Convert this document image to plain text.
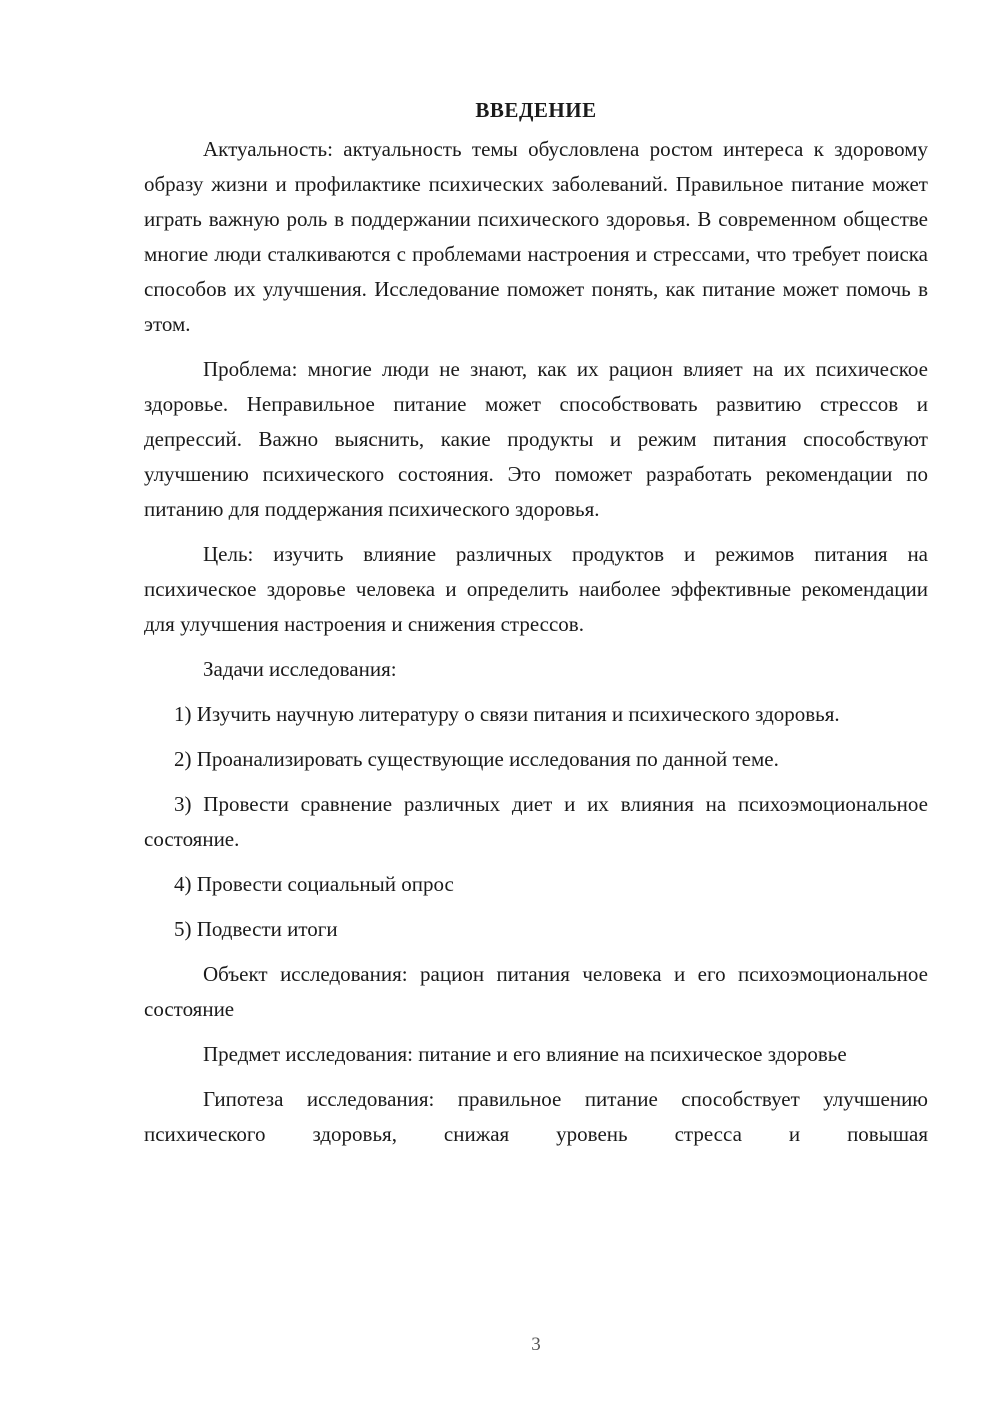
ВВЕДЕНИЕ

Актуальность: актуальность темы обусловлена ростом интереса к здоровому образу жизни и профилактике психических заболеваний. Правильное питание может играть важную роль в поддержании психического здоровья. В современном обществе многие люди сталкиваются с проблемами настроения и стрессами, что требует поиска способов их улучшения. Исследование поможет понять, как питание может помочь в этом.

Проблема: многие люди не знают, как их рацион влияет на их психическое здоровье. Неправильное питание может способствовать развитию стрессов и депрессий. Важно выяснить, какие продукты и режим питания способствуют улучшению психического состояния. Это поможет разработать рекомендации по питанию для поддержания психического здоровья.

Цель: изучить влияние различных продуктов и режимов питания на психическое здоровье человека и определить наиболее эффективные рекомендации для улучшения настроения и снижения стрессов.

Задачи исследования:

1) Изучить научную литературу о связи питания и психического здоровья.

2) Проанализировать существующие исследования по данной теме.

3) Провести сравнение различных диет и их влияния на психоэмоциональное состояние.

4) Провести социальный опрос

5) Подвести итоги

Объект исследования: рацион питания человека и его психоэмоциональное состояние

Предмет исследования: питание и его влияние на психическое здоровье

Гипотеза исследования: правильное питание способствует улучшению психического здоровья, снижая уровень стресса и повышая

3
